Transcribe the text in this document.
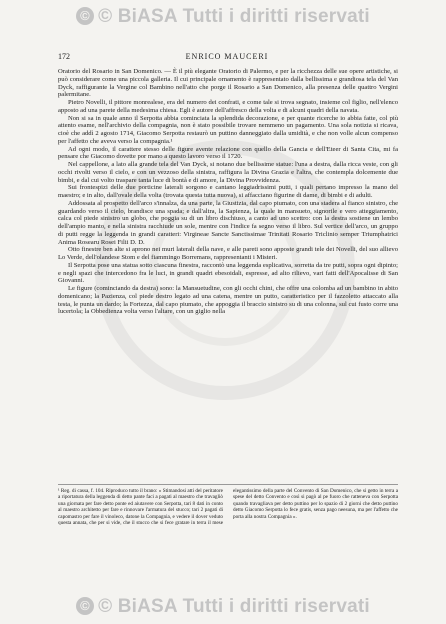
© © BiASA Tutti i diritti riservati
172	ENRICO MAUCERI

Oratorio del Rosario in San Domenico. — È il più elegante Oratorio di Palermo, e per la ricchezza delle sue opere artistiche, si può considerare come una piccola galleria. Il cui principale ornamento è rappresentato dalla bellissima e grandiosa tela del Van Dyck, raffigurante la Vergine col Bambino nell'atto che porge il Rosario a San Domenico, alla presenza delle quattro Vergini palermitane.

Pietro Novelli, il pittore monrealese, era del numero dei confrati, e come tale si trova segnato, insieme col figlio, nell'elenco apposto ad una parete della medesima chiesa. Egli è autore dell'affresco della volta e di alcuni quadri della navata.

Non si sa in quale anno il Serpotta abbia cominciata la splendida decorazione, e per quante ricerche io abbia fatte, col più attento esame, nell'archivio della compagnia, non è stato possibile trovare nemmeno un pagamento. Una sola notizia si ricava, cioè che addì 2 agosto 1714, Giacomo Serpotta restaurò un puttino danneggiato dalla umidità, e che non volle alcun compenso per l'affetto che aveva verso la compagnia.¹

Ad ogni modo, il carattere stesso delle figure avente relazione con quello della Gancia e dell'Eteer di Santa Cita, mi fa pensare che Giacomo dovette por mano a questo lavoro verso il 1720.

Nel cappellone, a lato alla grande tela del Van Dyck, si notano due bellissime statue: l'una a destra, dalla ricca veste, con gli occhi rivolti verso il cielo, e con un vezzoso della sinistra, raffigura la Divina Grazia e l'altra, che contempla dolcemente due bimbi, e dal cui volto traspare tanta luce di bontà e di amore, la Divina Provvidenza.

Sui frontespizi delle due porticine laterali sorgono e cantano leggiadrissimi putti, i quali pertano impresso la mano del maestro; e in alto, dall'ovale della volta (trovata questa tutta nuova), si affacciano figurine di dame, di bimbi e di adulti.

Addossata al prospetto dell'arco s'innalza, da una parte, la Giustizia, dal capo piumato, con una stadera al fianco sinistro, che guardando verso il cielo, brandisce una spada; e dall'altra, la Sapienza, la quale in mansueto, signorile e vero atteggiamento, calca col piede sinistro un globo, che poggia su di un libro dischiuso, a canto ad uno scettro: con la destra sostiene un lembo dell'ampio manto, e nella sinistra racchiude un sole, mentre con l'indice fa segno verso il libro. Sul vertice dell'arco, un gruppo di putti regge la leggenda in grandi caratteri: Virgineae Sancte Sanctissimae Trinitati Rosario Triclinio semper Triumphatrici Anima Rosearu Rosei Filii D. D.

Otto finestre ben alte si aprono nei muri laterali della nave, e alle pareti sono apposte grandi tele dei Novelli, del suo allievo Lo Verde, dell'olandese Stom e del fiammingo Borremans, rappresentanti i Misteri.

Il Serpotta pose una statua sotto ciascuna finestra, raccontò una leggenda esplicativa, sorretta da tre putti, sopra ogni dipinto; e negli spazi che intercedono fra le luci, in grandi quadri ebesoidali, espresse, ad alto rilievo, vari fatti dell'Apocalisse di San Giovanni.

Le figure (cominciando da destra) sono: la Mansuetudine, con gli occhi chini, che offre una colomba ad un bambino in abito domenicano; la Pazienza, col piede destro legato ad una catena, mentre un putto, caratteristico per il fazzoletto attaccato alla testa, le punta un dardo; la Fortezza, dal capo piumato, che appoggia il braccio sinistro su di una colonna, sul cui fusto corre una lucertola; la Obbedienza volta verso l'altare, con un giglio nella

¹ Reg. di cassa, f. 104. Riproduco tutto il brano: « Stimandosi atti del peritatore a riportatura della leggenda di detto pante faci a pagati al maestro che travagliò una giornata per fare detto ponte ed aiutavere con Serpotta, tari 8 dati in conto al maestro architetto per fare e rinnovare l'armatura del stucco; tari 2 pagati di capomastro per fare il vinoleco, datone la Compagnia, e vedere il dover veduto questa annata, che per si vide, che il stucco che si fece gratare in terra il mese elegantissimo della parte del Convento di San Domenico, che si getto in terra a spese del detto Convento e così si pagò al pe fuoro che ratteneva con Serpotta quando travagliava per detto puttino per lo spazio di 2 giorni che detto puttino detto Giacomo Serpotta lo fece gratis, senza pago neesuna, ma per l'affetto che porta alla nostra Compagnia ».
© © BiASA Tutti i diritti riservati
